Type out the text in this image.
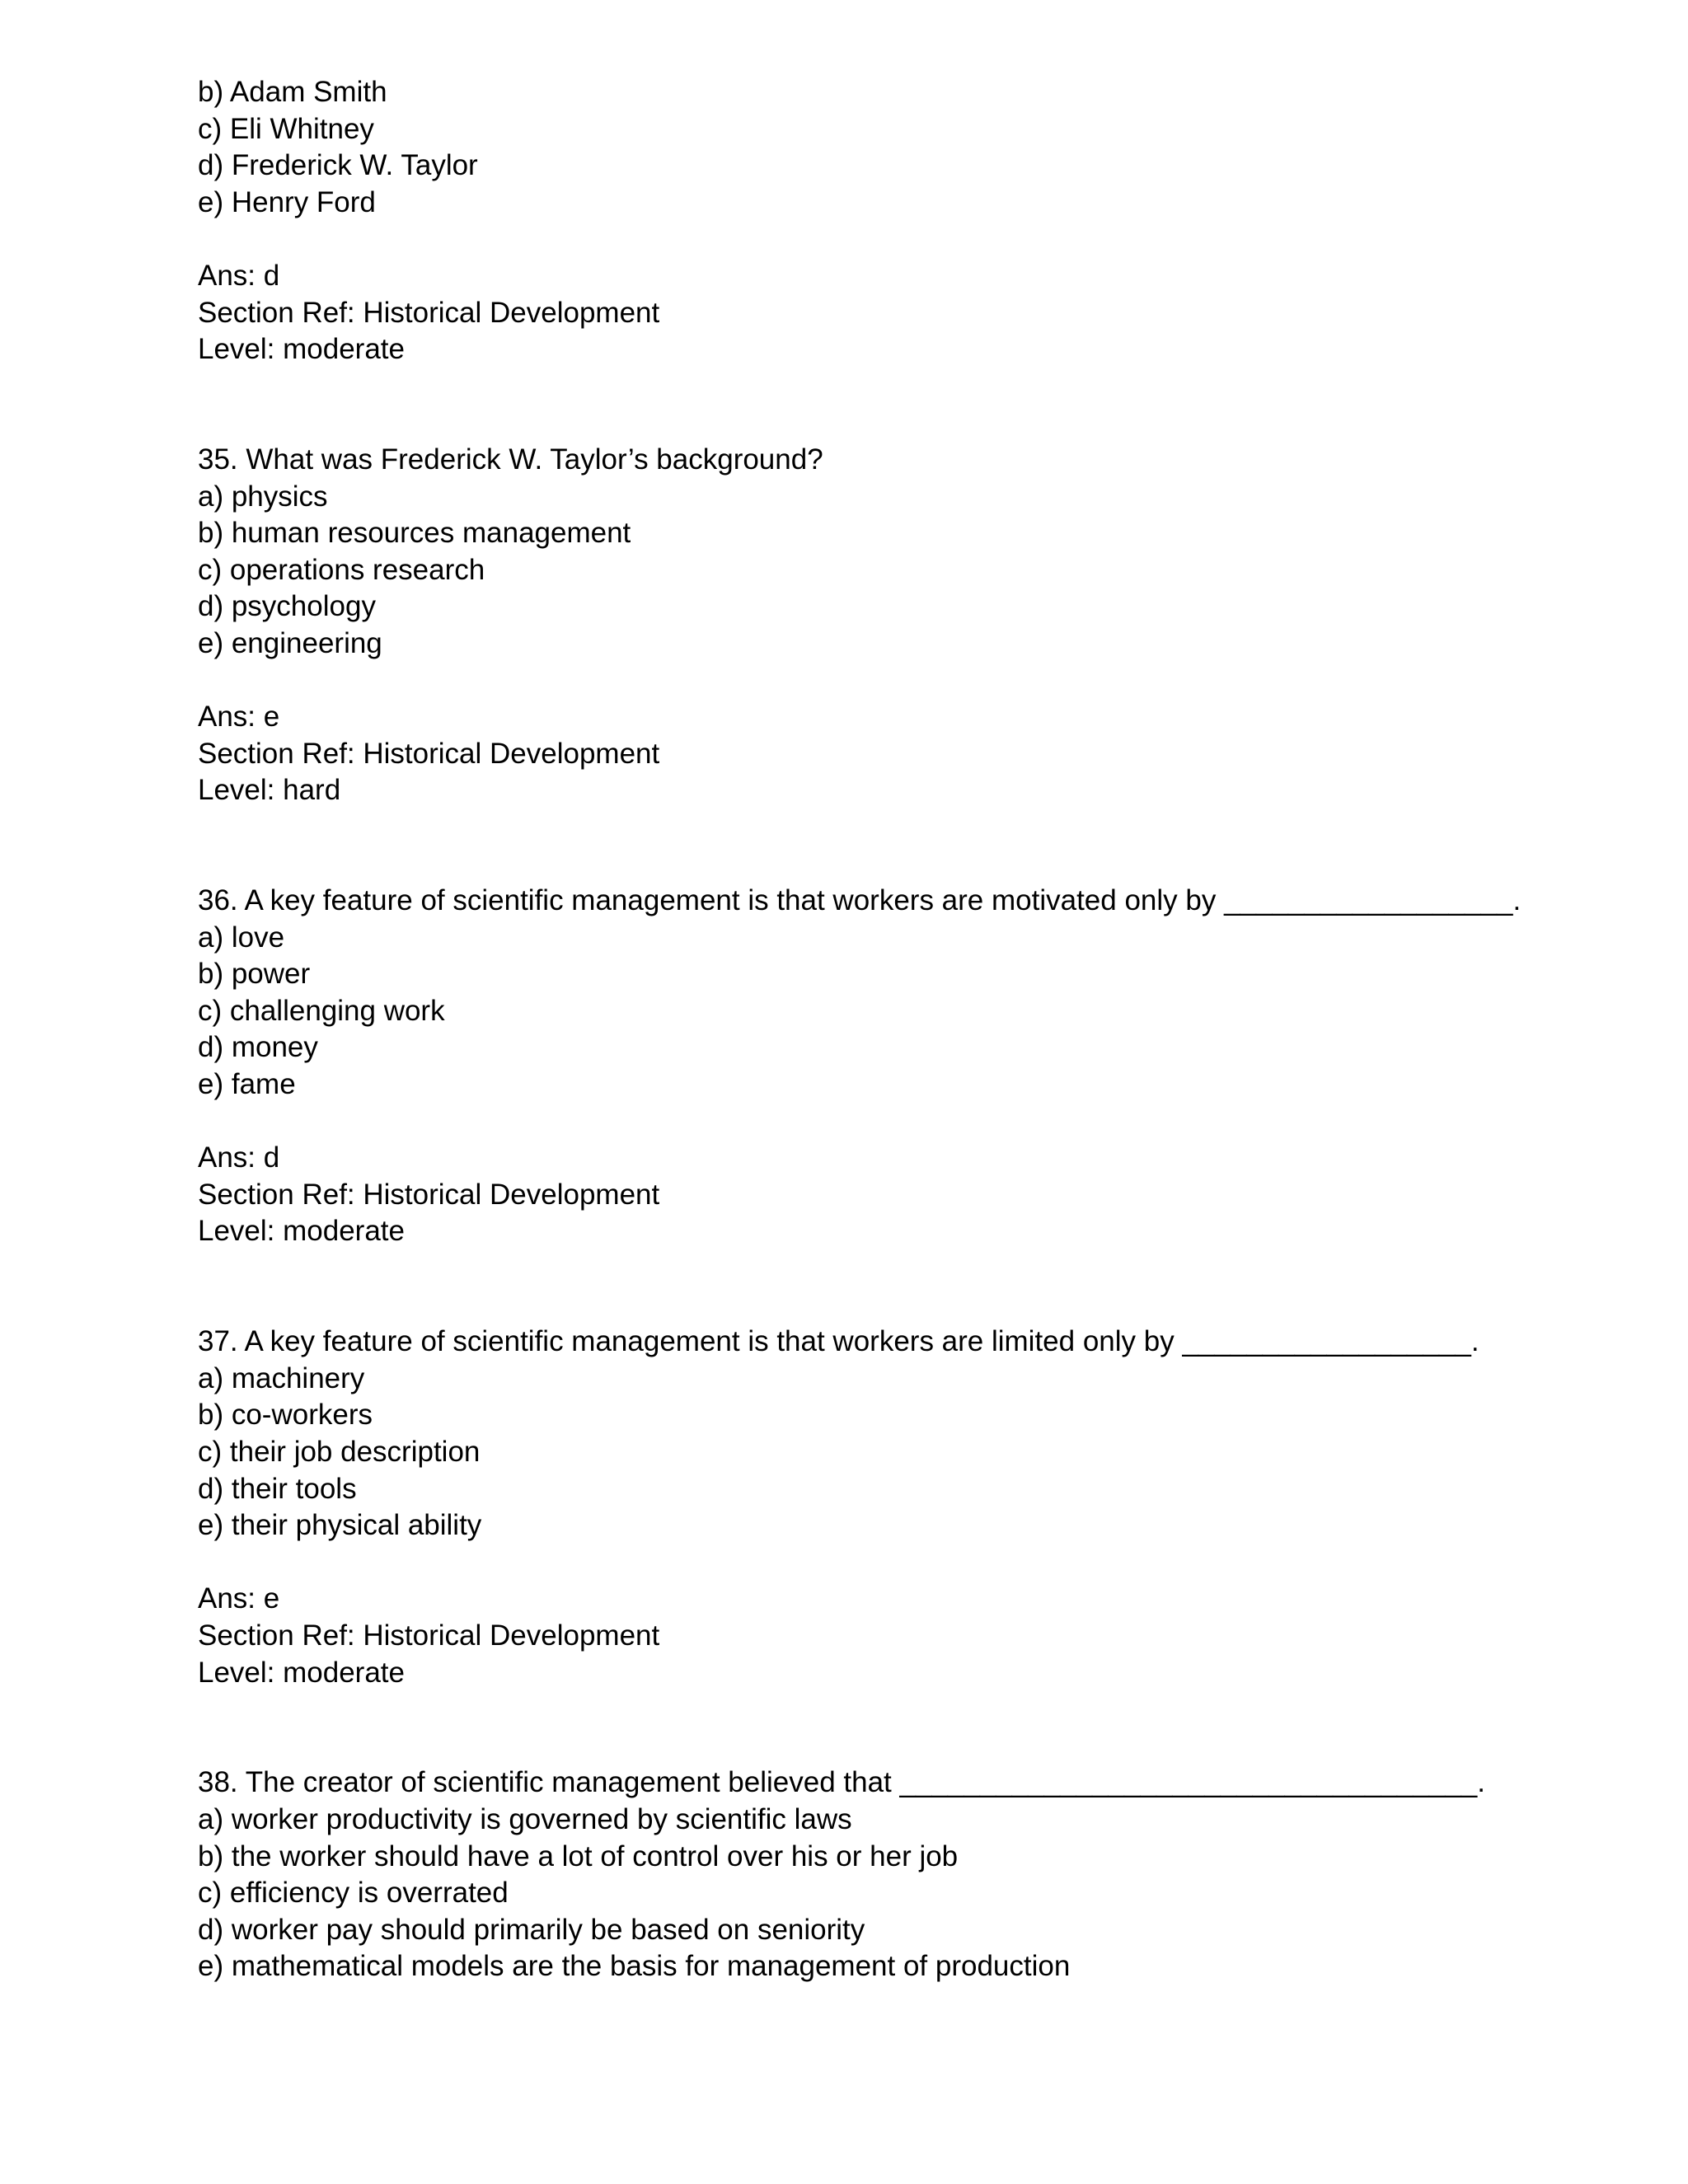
b) Adam Smith
c) Eli Whitney
d) Frederick W. Taylor
e) Henry Ford
Ans: d
Section Ref: Historical Development
Level: moderate
35. What was Frederick W. Taylor’s background?
a) physics
b) human resources management
c) operations research
d) psychology
e) engineering
Ans: e
Section Ref: Historical Development
Level: hard
36. A key feature of scientific management is that workers are motivated only by __________________.
a) love
b) power
c) challenging work
d) money
e) fame
Ans: d
Section Ref: Historical Development
Level: moderate
37. A key feature of scientific management is that workers are limited only by __________________.
a) machinery
b) co-workers
c) their job description
d) their tools
e) their physical ability
Ans: e
Section Ref: Historical Development
Level: moderate
38. The creator of scientific management believed that ____________________________________.
a) worker productivity is governed by scientific laws
b) the worker should have a lot of control over his or her job
c) efficiency is overrated
d) worker pay should primarily be based on seniority
e) mathematical models are the basis for management of production
